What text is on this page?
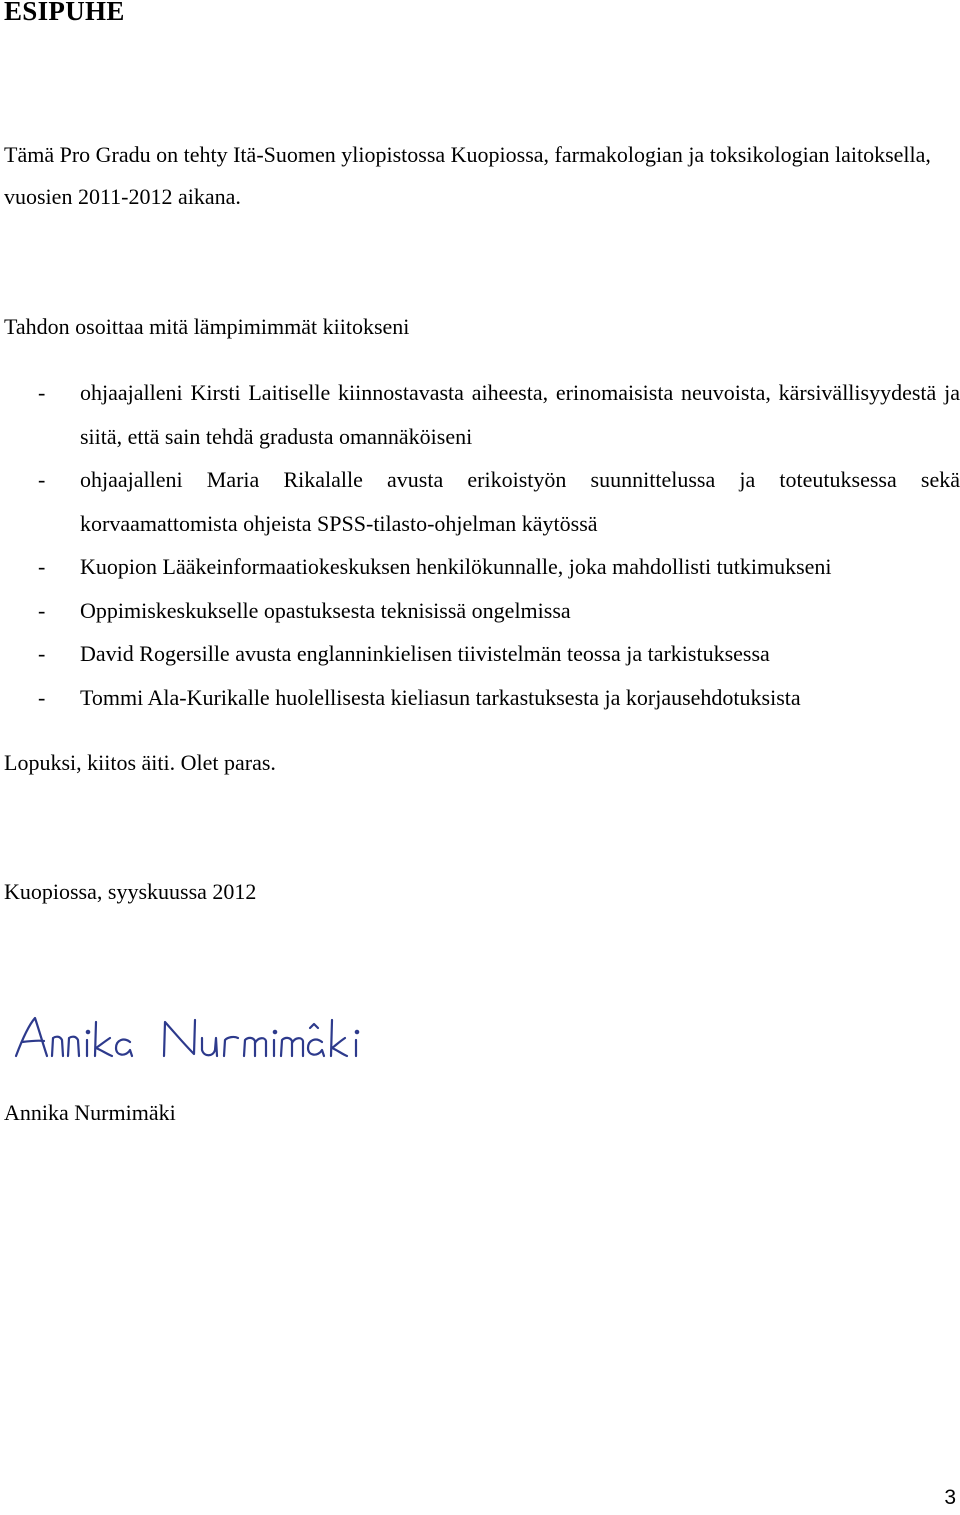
ESIPUHE

Tämä Pro Gradu on tehty Itä-Suomen yliopistossa Kuopiossa, farmakologian ja toksikologian laitoksella, vuosien 2011-2012 aikana.

Tahdon osoittaa mitä lämpimimmät kiitokseni

- ohjaajalleni Kirsti Laitiselle kiinnostavasta aiheesta, erinomaisista neuvoista, kärsivällisyydestä ja siitä, että sain tehdä gradusta omannäköiseni
- ohjaajalleni Maria Rikalalle avusta erikoistyön suunnittelussa ja toteutuksessa sekä korvaamattomista ohjeista SPSS-tilasto-ohjelman käytössä
- Kuopion Lääkeinformaatiokeskuksen henkilökunnalle, joka mahdollisti tutkimukseni
- Oppimiskeskukselle opastuksesta teknisissä ongelmissa
- David Rogersille avusta englanninkielisen tiivistelmän teossa ja tarkistuksessa
- Tommi Ala-Kurikalle huolellisesta kieliasun tarkastuksesta ja korjausehdotuksista

Lopuksi, kiitos äiti. Olet paras.

Kuopiossa, syyskuussa 2012

Annika Nurmimäki

3
